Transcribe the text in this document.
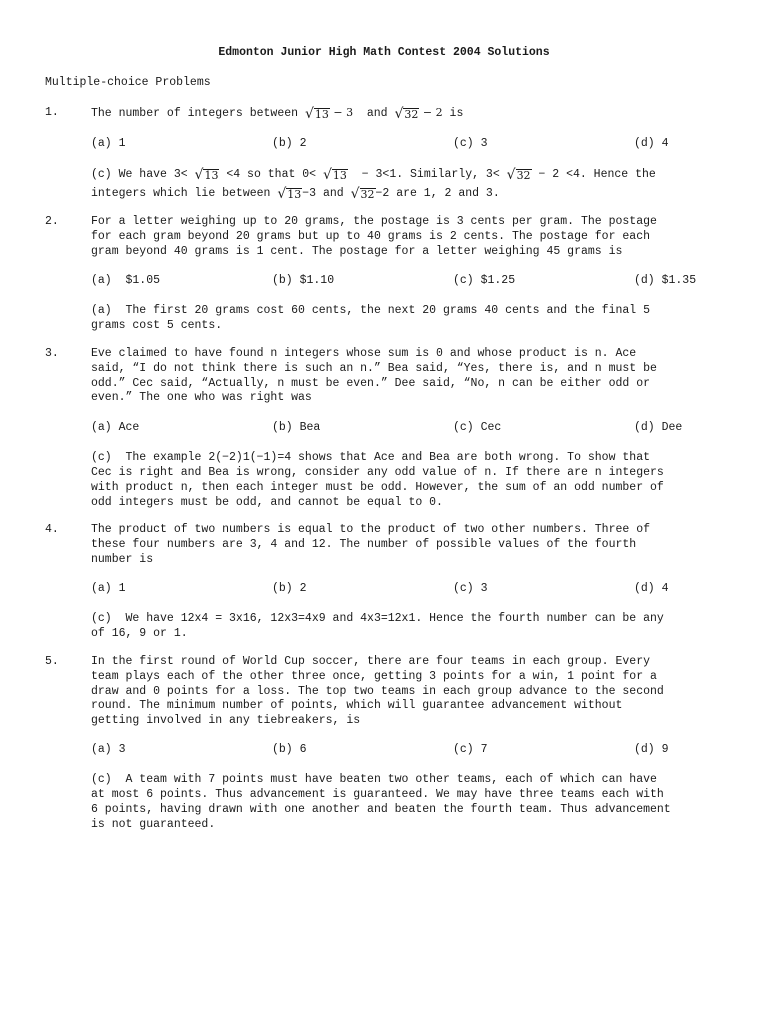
Edmonton Junior High Math Contest 2004 Solutions
Multiple-choice Problems
1.	The number of integers between √13 − 3  and √32 − 2 is
(a) 1	(b) 2	(c) 3	(d) 4
(c) We have 3< √13 <4 so that 0< √13  − 3<1. Similarly, 3< √32 − 2 <4. Hence the
integers which lie between √13−3 and √32−2 are 1, 2 and 3.
2.	For a letter weighing up to 20 grams, the postage is 3 cents per gram. The postage
for each gram beyond 20 grams but up to 40 grams is 2 cents. The postage for each
gram beyond 40 grams is 1 cent. The postage for a letter weighing 45 grams is
(a)  $1.05	(b) $1.10	(c) $1.25	(d) $1.35
(a)  The first 20 grams cost 60 cents, the next 20 grams 40 cents and the final 5
grams cost 5 cents.
3.	Eve claimed to have found n integers whose sum is 0 and whose product is n. Ace
said, “I do not think there is such an n.” Bea said, “Yes, there is, and n must be
odd.” Cec said, “Actually, n must be even.” Dee said, “No, n can be either odd or
even.” The one who was right was
(a) Ace	(b) Bea	(c) Cec	(d) Dee
(c)  The example 2(−2)1(−1)=4 shows that Ace and Bea are both wrong. To show that
Cec is right and Bea is wrong, consider any odd value of n. If there are n integers
with product n, then each integer must be odd. However, the sum of an odd number of
odd integers must be odd, and cannot be equal to 0.
4.	The product of two numbers is equal to the product of two other numbers. Three of
these four numbers are 3, 4 and 12. The number of possible values of the fourth
number is
(a) 1	(b) 2	(c) 3	(d) 4
(c)  We have 12x4 = 3x16, 12x3=4x9 and 4x3=12x1. Hence the fourth number can be any
of 16, 9 or 1.
5.	In the first round of World Cup soccer, there are four teams in each group. Every
team plays each of the other three once, getting 3 points for a win, 1 point for a
draw and 0 points for a loss. The top two teams in each group advance to the second
round. The minimum number of points, which will guarantee advancement without
getting involved in any tiebreakers, is
(a) 3	(b) 6	(c) 7	(d) 9
(c)  A team with 7 points must have beaten two other teams, each of which can have
at most 6 points. Thus advancement is guaranteed. We may have three teams each with
6 points, having drawn with one another and beaten the fourth team. Thus advancement
is not guaranteed.
